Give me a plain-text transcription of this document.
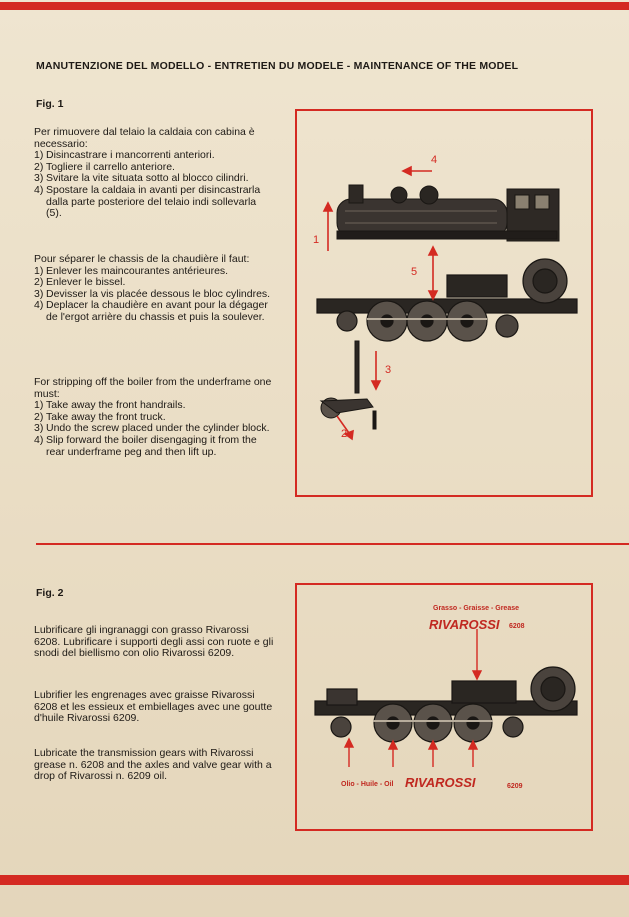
MANUTENZIONE DEL MODELLO - ENTRETIEN DU MODELE - MAINTENANCE OF THE MODEL
Fig. 1
Per rimuovere dal telaio la caldaia con cabina è necessario:
1) Disincastrare i mancorrenti anteriori.
2) Togliere il carrello anteriore.
3) Svitare la vite situata sotto al blocco cilindri.
4) Spostare la caldaia in avanti per disincastrarla dalla parte posteriore del telaio indi sollevarla (5).
Pour séparer le chassis de la chaudière il faut:
1) Enlever les maincourantes antérieures.
2) Enlever le bissel.
3) Devisser la vis placée dessous le bloc cylindres.
4) Deplacer la chaudière en avant pour la dégager de l'ergot arrière du chassis et puis la soulever.
For stripping off the boiler from the underframe one must:
1) Take away the front handrails.
2) Take away the front truck.
3) Undo the screw placed under the cylinder block.
4) Slip forward the boiler disengaging it from the rear underframe peg and then lift up.
1
2
3
4
5
Fig. 2

Lubrificare gli ingranaggi con grasso Rivarossi 6208. Lubrificare i supporti degli assi con ruote e gli snodi del biellismo con olio Rivarossi 6209.

Lubrifier les engrenages avec graisse Rivarossi 6208 et les essieux et embiellages avec une goutte d'huile Rivarossi 6209.

Lubricate the transmission gears with Rivarossi grease n. 6208 and the axles and valve gear with a drop of Rivarossi n. 6209 oil.

Grasso - Graisse - Grease
RIVAROSSI 6208
Olio - Huile - Oil RIVAROSSI	6209
